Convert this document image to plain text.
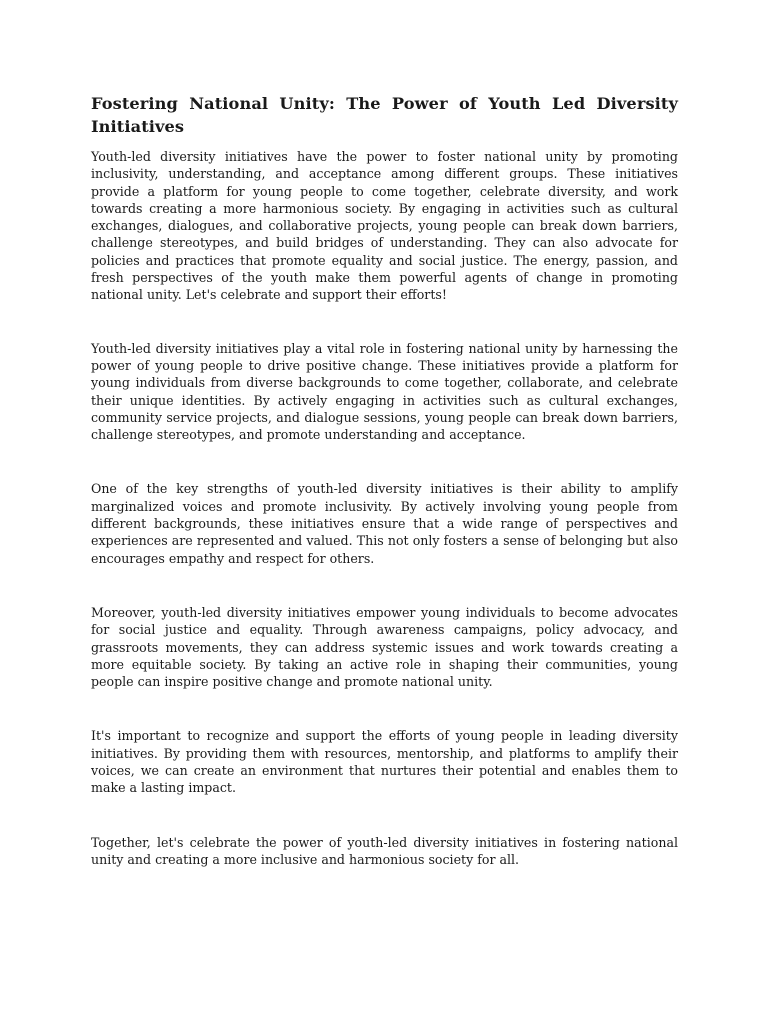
Fostering National Unity: The Power of Youth Led Diversity Initiatives

Youth-led diversity initiatives have the power to foster national unity by promoting inclusivity, understanding, and acceptance among different groups. These initiatives provide a platform for young people to come together, celebrate diversity, and work towards creating a more harmonious society. By engaging in activities such as cultural exchanges, dialogues, and collaborative projects, young people can break down barriers, challenge stereotypes, and build bridges of understanding. They can also advocate for policies and practices that promote equality and social justice. The energy, passion, and fresh perspectives of the youth make them powerful agents of change in promoting national unity. Let's celebrate and support their efforts!

Youth-led diversity initiatives play a vital role in fostering national unity by harnessing the power of young people to drive positive change. These initiatives provide a platform for young individuals from diverse backgrounds to come together, collaborate, and celebrate their unique identities. By actively engaging in activities such as cultural exchanges, community service projects, and dialogue sessions, young people can break down barriers, challenge stereotypes, and promote understanding and acceptance.

One of the key strengths of youth-led diversity initiatives is their ability to amplify marginalized voices and promote inclusivity. By actively involving young people from different backgrounds, these initiatives ensure that a wide range of perspectives and experiences are represented and valued. This not only fosters a sense of belonging but also encourages empathy and respect for others.

Moreover, youth-led diversity initiatives empower young individuals to become advocates for social justice and equality. Through awareness campaigns, policy advocacy, and grassroots movements, they can address systemic issues and work towards creating a more equitable society. By taking an active role in shaping their communities, young people can inspire positive change and promote national unity.

It's important to recognize and support the efforts of young people in leading diversity initiatives. By providing them with resources, mentorship, and platforms to amplify their voices, we can create an environment that nurtures their potential and enables them to make a lasting impact.

Together, let's celebrate the power of youth-led diversity initiatives in fostering national unity and creating a more inclusive and harmonious society for all.
